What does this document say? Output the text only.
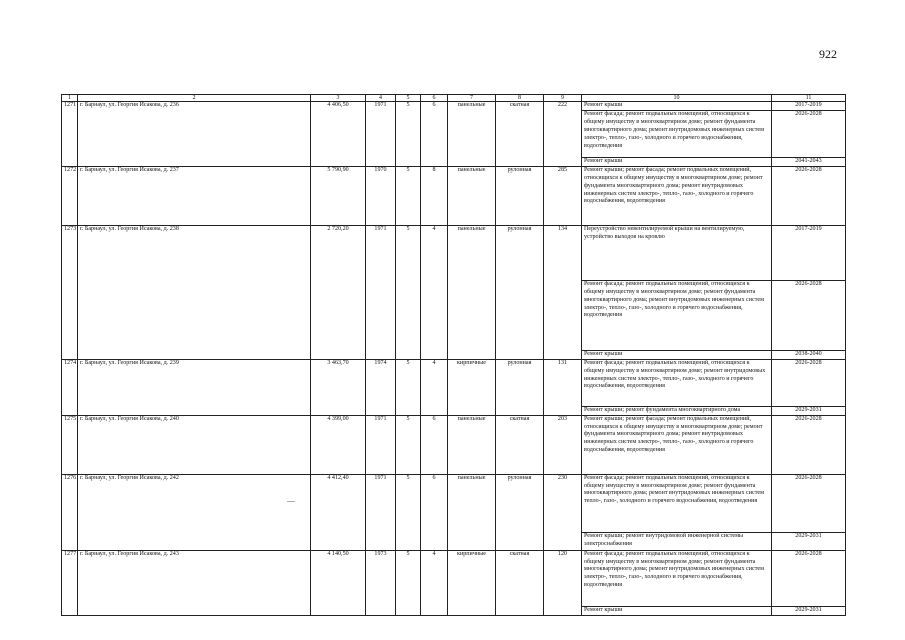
922
1	2	3	4	5	6	7	8	9	10	11
1271	г. Барнаул, ул. Георгия Исакова, д. 236	4 406,50	1971	5	6	панельные	скатная	222	Ремонт крыши	2017-2019
									Ремонт фасада; ремонт подвальных помещений, относящихся к общему имуществу в многоквартирном доме; ремонт фундамента многоквартирного дома; ремонт внутридомовых инженерных систем электро-, тепло-, газо-, холодного и горячего водоснабжения, водоотведения	2026-2028
									Ремонт крыши	2041-2043
1272	г. Барнаул, ул. Георгия Исакова, д. 237	5 790,90	1970	5	8	панельные	рулонная	285	Ремонт крыши; ремонт фасада; ремонт подвальных помещений, относящихся к общему имуществу в многоквартирном доме; ремонт фундамента многоквартирного дома; ремонт внутридомовых инженерных систем электро-, тепло-, газо-, холодного и горячего водоснабжения, водоотведения	2026-2028
1273	г. Барнаул, ул. Георгия Исакова, д. 238	2 720,20	1971	5	4	панельные	рулонная	134	Переустройство невентилируемой крыши на вентилируемую, устройство выходов на кровлю	2017-2019
									Ремонт фасада; ремонт подвальных помещений, относящихся к общему имуществу в многоквартирном доме; ремонт фундамента многоквартирного дома; ремонт внутридомовых инженерных систем электро-, тепло-, газо-, холодного и горячего водоснабжения, водоотведения	2026-2028
									Ремонт крыши	2038-2040
1274	г. Барнаул, ул. Георгия Исакова, д. 239	3 463,70	1974	5	4	кирпичные	рулонная	131	Ремонт фасада; ремонт подвальных помещений, относящихся к общему имуществу в многоквартирном доме; ремонт внутридомовых инженерных систем электро-, тепло-, газо-, холодного и горячего водоснабжения, водоотведения	2026-2028
									Ремонт крыши; ремонт фундамента многоквартирного дома	2029-2031
1275	г. Барнаул, ул. Георгия Исакова, д. 240	4 399,00	1971	5	6	панельные	скатная	203	Ремонт крыши; ремонт фасада; ремонт подвальных помещений, относящихся к общему имуществу в многоквартирном доме; ремонт фундамента многоквартирного дома; ремонт внутридомовых инженерных систем электро-, тепло-, газо-, холодного и горячего водоснабжения, водоотведения	2026-2028
1276	г. Барнаул, ул. Георгия Исакова, д. 242	4 412,40	1971	5	6	панельные	рулонная	230	Ремонт фасада; ремонт подвальных помещений, относящихся к общему имуществу в многоквартирном доме; ремонт фундамента многоквартирного дома; ремонт внутридомовых инженерных систем тепло-, газо-, холодного и горячего водоснабжения, водоотведения	2026-2028
									Ремонт крыши; ремонт внутридомовой инженерной системы электроснабжения	2029-2031
1277	г. Барнаул, ул. Георгия Исакова, д. 243	4 140,50	1973	5	4	кирпичные	скатная	120	Ремонт фасада; ремонт подвальных помещений, относящихся к общему имуществу в многоквартирном доме; ремонт фундамента многоквартирного дома; ремонт внутридомовых инженерных систем электро-, тепло-, газо-, холодного и горячего водоснабжения, водоотведения	2026-2028
									Ремонт крыши	2029-2031
